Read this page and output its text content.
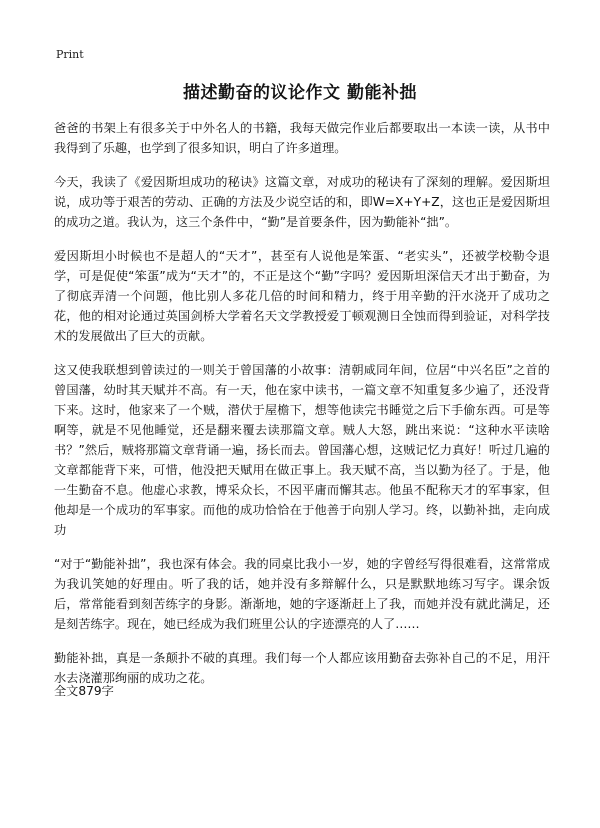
Print
描述勤奋的议论作文 勤能补拙

爸爸的书架上有很多关于中外名人的书籍，我每天做完作业后都要取出一本读一读，从书中我得到了乐趣，也学到了很多知识，明白了许多道理。

今天，我读了《爱因斯坦成功的秘诀》这篇文章，对成功的秘诀有了深刻的理解。爱因斯坦说，成功等于艰苦的劳动、正确的方法及少说空话的和，即W=X+Y+Z，这也正是爱因斯坦的成功之道。我认为，这三个条件中，“勤”是首要条件，因为勤能补“拙”。

爱因斯坦小时候也不是超人的“天才”，甚至有人说他是笨蛋、“老实头”，还被学校勒令退学，可是促使“笨蛋”成为“天才”的，不正是这个“勤”字吗？爱因斯坦深信天才出于勤奋，为了彻底弄清一个问题，他比别人多花几倍的时间和精力，终于用辛勤的汗水浇开了成功之花，他的相对论通过英国剑桥大学着名天文学教授爱丁顿观测日全蚀而得到验证，对科学技术的发展做出了巨大的贡献。

这又使我联想到曾读过的一则关于曾国藩的小故事：清朝咸同年间，位居“中兴名臣”之首的曾国藩，幼时其天赋并不高。有一天，他在家中读书，一篇文章不知重复多少遍了，还没背下来。这时，他家来了一个贼，潜伏于屋檐下，想等他读完书睡觉之后下手偷东西。可是等啊等，就是不见他睡觉，还是翻来覆去读那篇文章。贼人大怒，跳出来说：“这种水平读啥书？”然后，贼将那篇文章背诵一遍，扬长而去。曾国藩心想，这贼记忆力真好！听过几遍的文章都能背下来，可惜，他没把天赋用在做正事上。我天赋不高，当以勤为径了。于是，他一生勤奋不息。他虚心求教，博采众长，不因平庸而懈其志。他虽不配称天才的军事家，但他却是一个成功的军事家。而他的成功恰恰在于他善于向别人学习。终，以勤补拙，走向成功

“对于“勤能补拙”，我也深有体会。我的同桌比我小一岁，她的字曾经写得很难看，这常常成为我讥笑她的好理由。听了我的话，她并没有多辩解什么，只是默默地练习写字。课余饭后，常常能看到刻苦练字的身影。渐渐地，她的字逐渐赶上了我，而她并没有就此满足，还是刻苦练字。现在，她已经成为我们班里公认的字迹漂亮的人了……

勤能补拙，真是一条颠扑不破的真理。我们每一个人都应该用勤奋去弥补自己的不足，用汗水去浇灌那绚丽的成功之花。

全文879字
